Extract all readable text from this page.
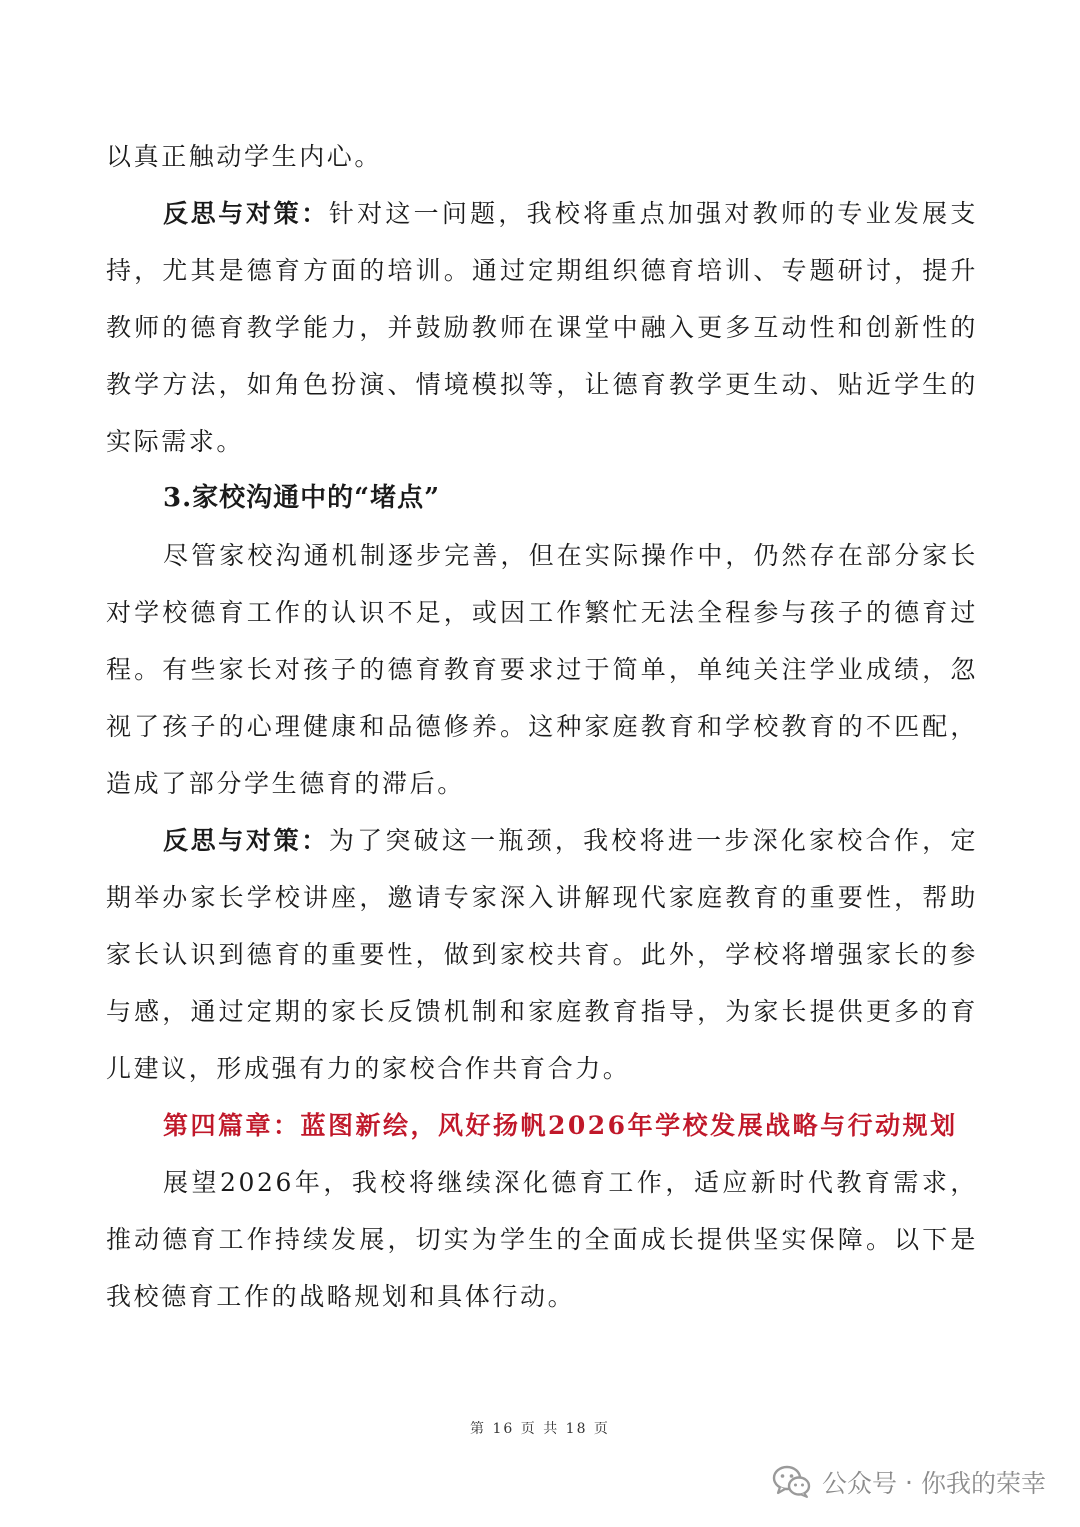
以真正触动学生内心。

反思与对策：针对这一问题，我校将重点加强对教师的专业发展支持，尤其是德育方面的培训。通过定期组织德育培训、专题研讨，提升教师的德育教学能力，并鼓励教师在课堂中融入更多互动性和创新性的教学方法，如角色扮演、情境模拟等，让德育教学更生动、贴近学生的实际需求。

3.家校沟通中的“堵点”

尽管家校沟通机制逐步完善，但在实际操作中，仍然存在部分家长对学校德育工作的认识不足，或因工作繁忙无法全程参与孩子的德育过程。有些家长对孩子的德育教育要求过于简单，单纯关注学业成绩，忽视了孩子的心理健康和品德修养。这种家庭教育和学校教育的不匹配，造成了部分学生德育的滞后。

反思与对策：为了突破这一瓶颈，我校将进一步深化家校合作，定期举办家长学校讲座，邀请专家深入讲解现代家庭教育的重要性，帮助家长认识到德育的重要性，做到家校共育。此外，学校将增强家长的参与感，通过定期的家长反馈机制和家庭教育指导，为家长提供更多的育儿建议，形成强有力的家校合作共育合力。

第四篇章：蓝图新绘，风好扬帆2026年学校发展战略与行动规划

展望2026年，我校将继续深化德育工作，适应新时代教育需求，推动德育工作持续发展，切实为学生的全面成长提供坚实保障。以下是我校德育工作的战略规划和具体行动。

第 16 页 共 18 页
公众号 · 你我的荣幸
